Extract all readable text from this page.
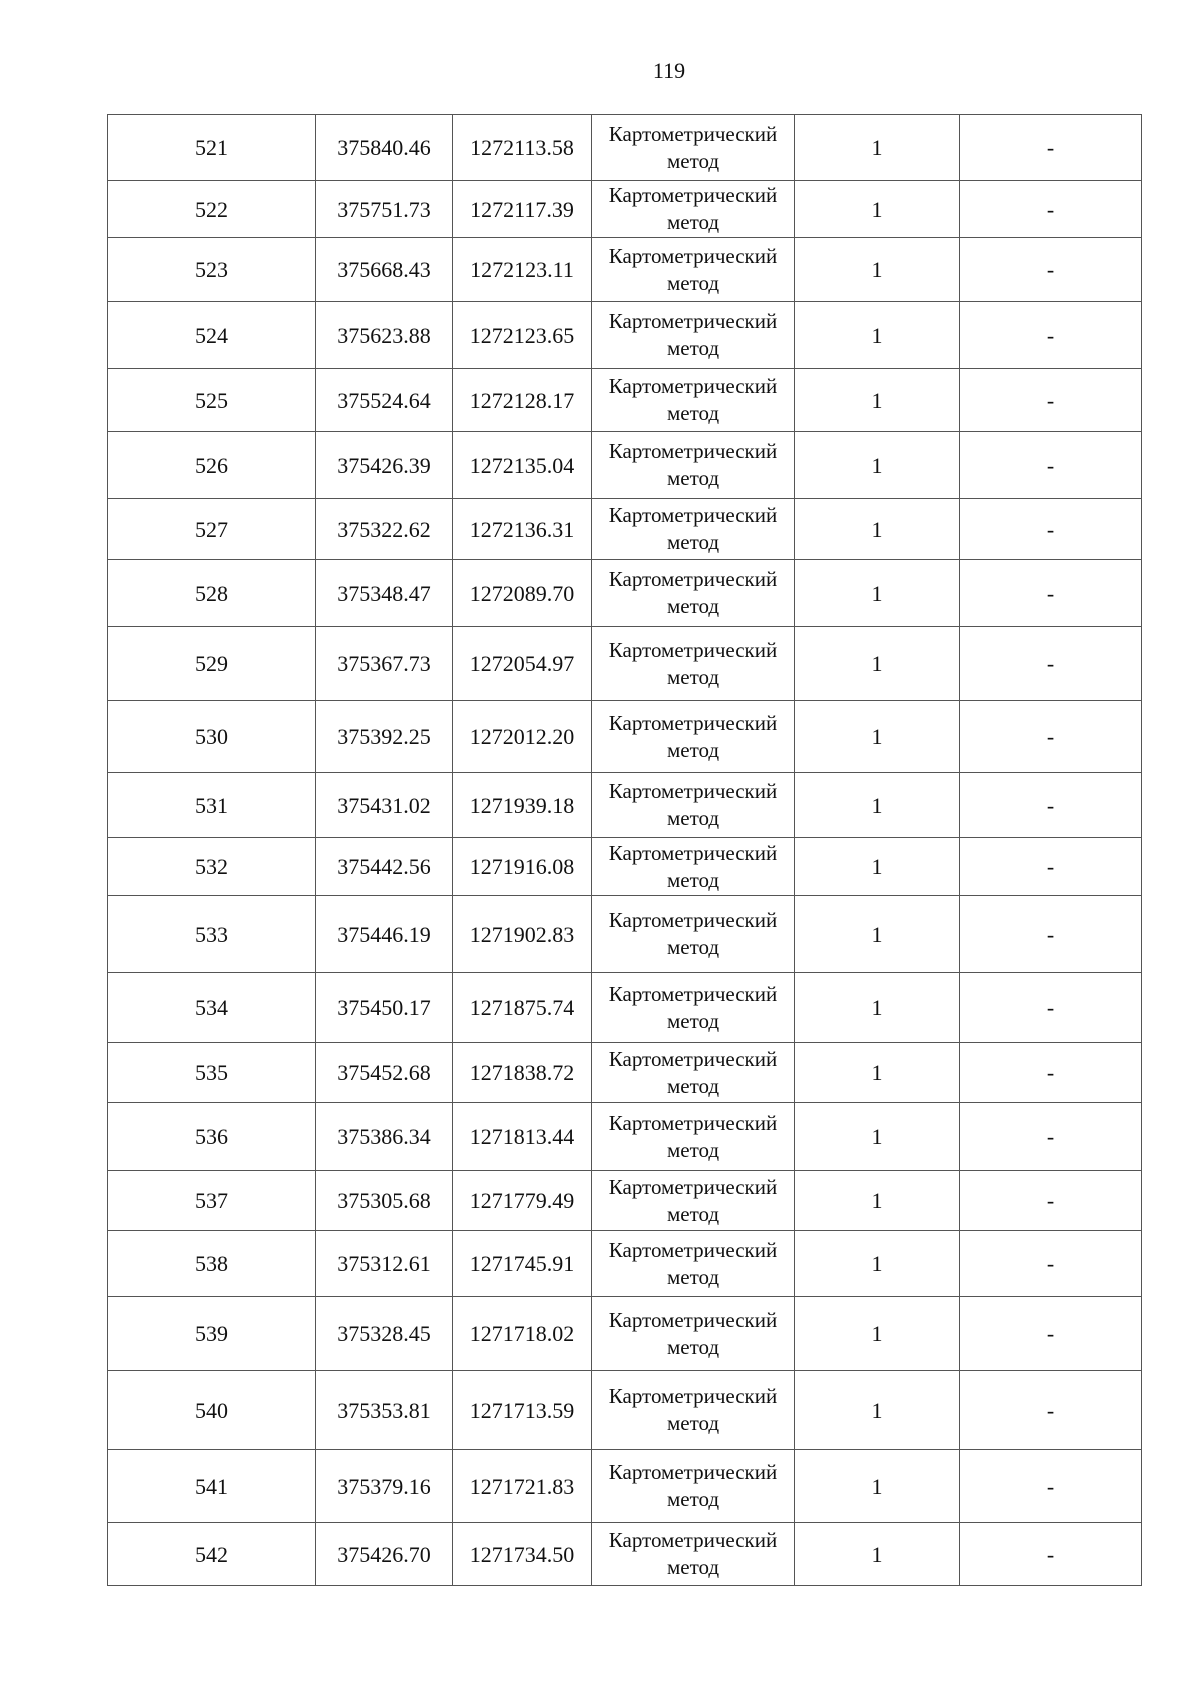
119
521	375840.46	1272113.58	Картометрический метод	1	-
522	375751.73	1272117.39	Картометрический метод	1	-
523	375668.43	1272123.11	Картометрический метод	1	-
524	375623.88	1272123.65	Картометрический метод	1	-
525	375524.64	1272128.17	Картометрический метод	1	-
526	375426.39	1272135.04	Картометрический метод	1	-
527	375322.62	1272136.31	Картометрический метод	1	-
528	375348.47	1272089.70	Картометрический метод	1	-
529	375367.73	1272054.97	Картометрический метод	1	-
530	375392.25	1272012.20	Картометрический метод	1	-
531	375431.02	1271939.18	Картометрический метод	1	-
532	375442.56	1271916.08	Картометрический метод	1	-
533	375446.19	1271902.83	Картометрический метод	1	-
534	375450.17	1271875.74	Картометрический метод	1	-
535	375452.68	1271838.72	Картометрический метод	1	-
536	375386.34	1271813.44	Картометрический метод	1	-
537	375305.68	1271779.49	Картометрический метод	1	-
538	375312.61	1271745.91	Картометрический метод	1	-
539	375328.45	1271718.02	Картометрический метод	1	-
540	375353.81	1271713.59	Картометрический метод	1	-
541	375379.16	1271721.83	Картометрический метод	1	-
542	375426.70	1271734.50	Картометрический метод	1	-
